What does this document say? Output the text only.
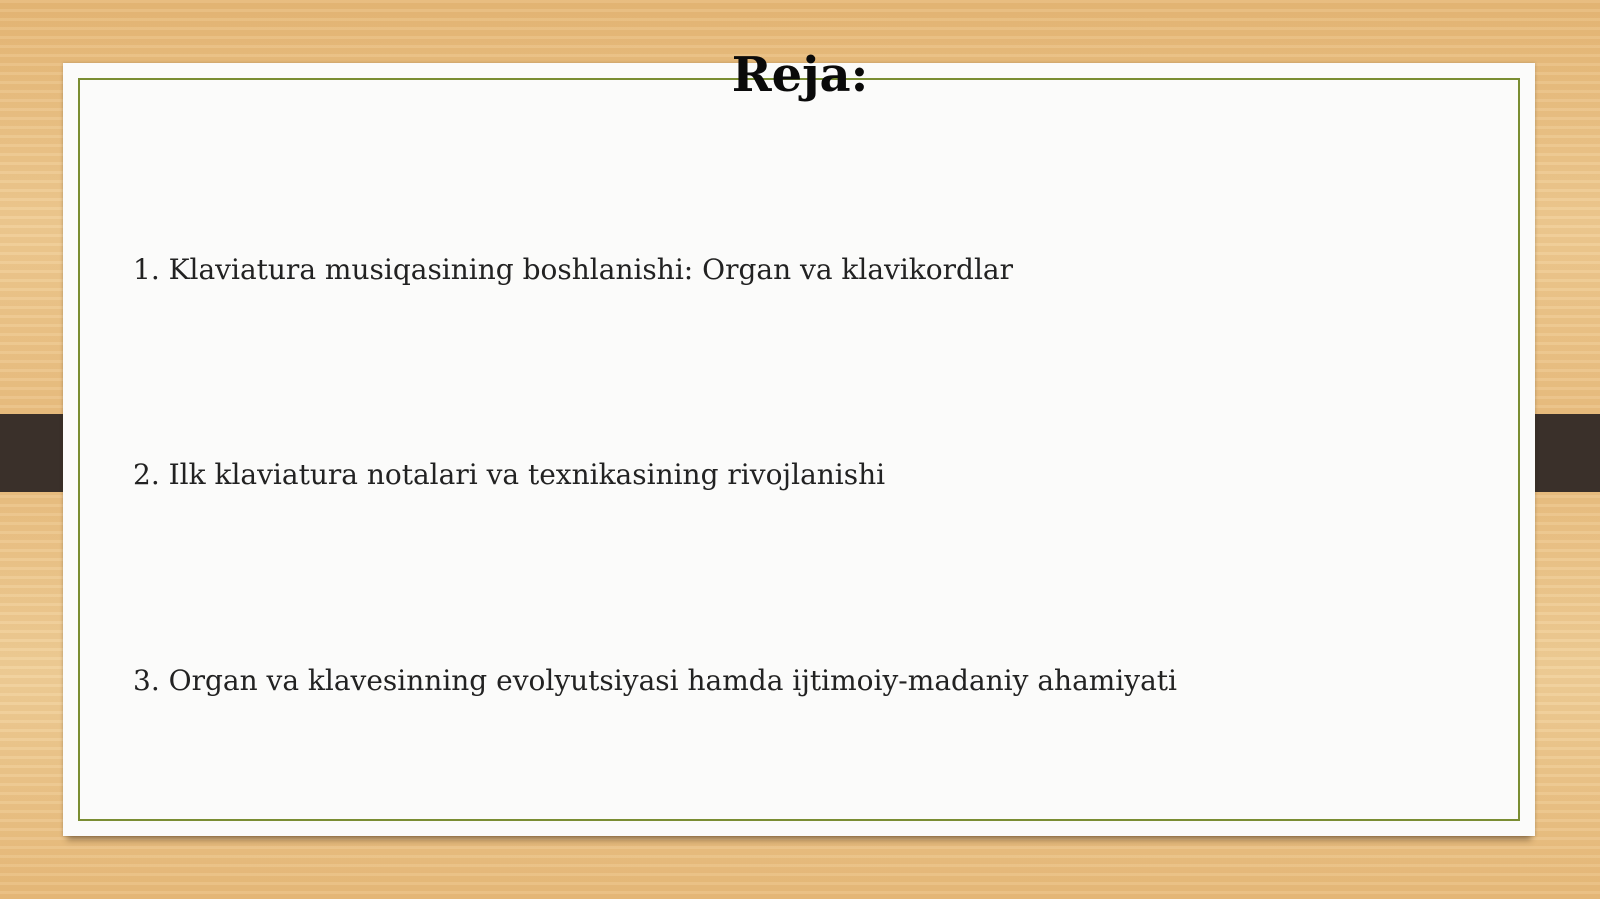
Reja:
1. Klaviatura musiqasining boshlanishi: Organ va klavikordlar
2. Ilk klaviatura notalari va texnikasining rivojlanishi
3. Organ va klavesinning evolyutsiyasi hamda ijtimoiy-madaniy ahamiyati
